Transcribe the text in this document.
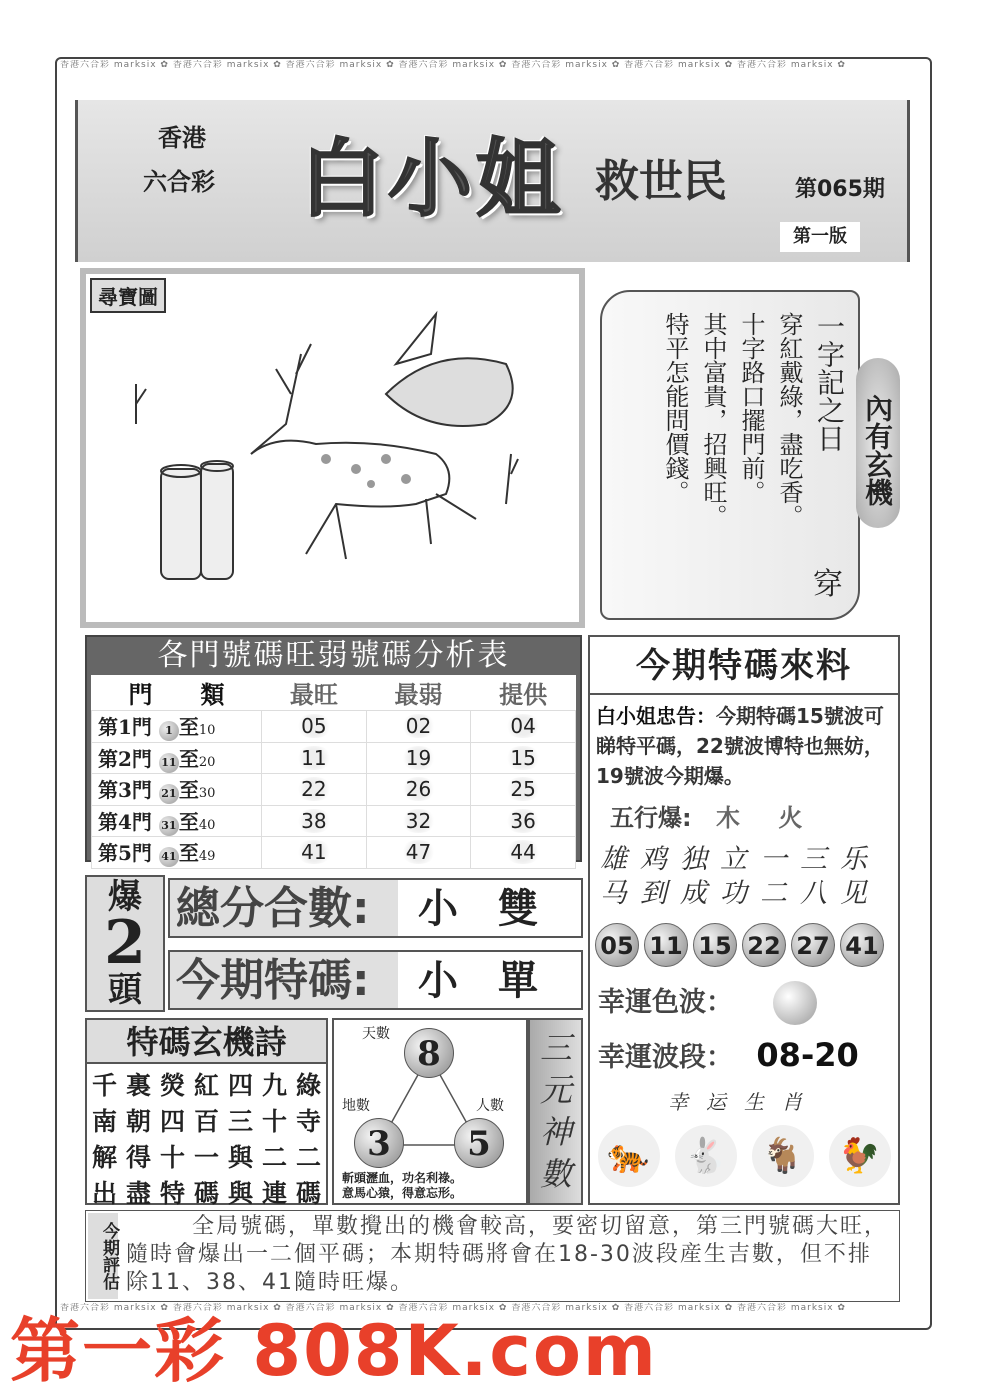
香港六合彩 marksix ✿ 香港六合彩 marksix ✿ 香港六合彩 marksix ✿ 香港六合彩 marksix ✿ 香港六合彩 marksix ✿ 香港六合彩 marksix ✿ 香港六合彩 marksix ✿
香港六合彩 marksix ✿ 香港六合彩 marksix ✿ 香港六合彩 marksix ✿ 香港六合彩 marksix ✿ 香港六合彩 marksix ✿ 香港六合彩 marksix ✿ 香港六合彩 marksix ✿
香港
六合彩 白小姐 救世民	第065期
第一版
尋寶圖
一字記之日
穿
穿紅戴綠，盡吃香。
十字路口擺門前。
其中富貴，招興旺。
特平怎能問價錢。	內有玄機
各門號碼旺弱號碼分析表
門　　類	最旺	最弱	提供
第1門 1 至10	05	02	04
第2門 11 至20	11	19	15
第3門 21 至30	22	26	25
第4門 31 至40	38	32	36
第5門 41 至49	41	47	44
今期特碼來料
白小姐忠告：今期特碼15號波可睇特平碼，22號波博特也無妨，19號波今期爆。
五行爆: 木 火
雄鸡独立一三乐
马到成功二八见
05 11 15 22 27 41
幸運色波：
幸運波段： 08-20
幸运生肖
🐅 🐇 🐐 🐓
爆
2
頭
總分合數:	小雙
今期特碼:	小單
特碼玄機詩
千	裏	熒	紅	四	九	綠
南	朝	四	百	三	十	寺
解	得	十	一	與	二	二
出	盡	特	碼	與	連	碼
天數 8
地數
3
人數
5
斬頭瀝血，功名利祿。
意馬心猿，得意忘形。 三元神數
今期評估	全局號碼，單數攪出的機會較高，要密切留意，第三門號碼大旺，隨時會爆出一二個平碼；本期特碼將會在18-30波段産生吉數，但不排除11、38、41隨時旺爆。
第一彩 808K.com
